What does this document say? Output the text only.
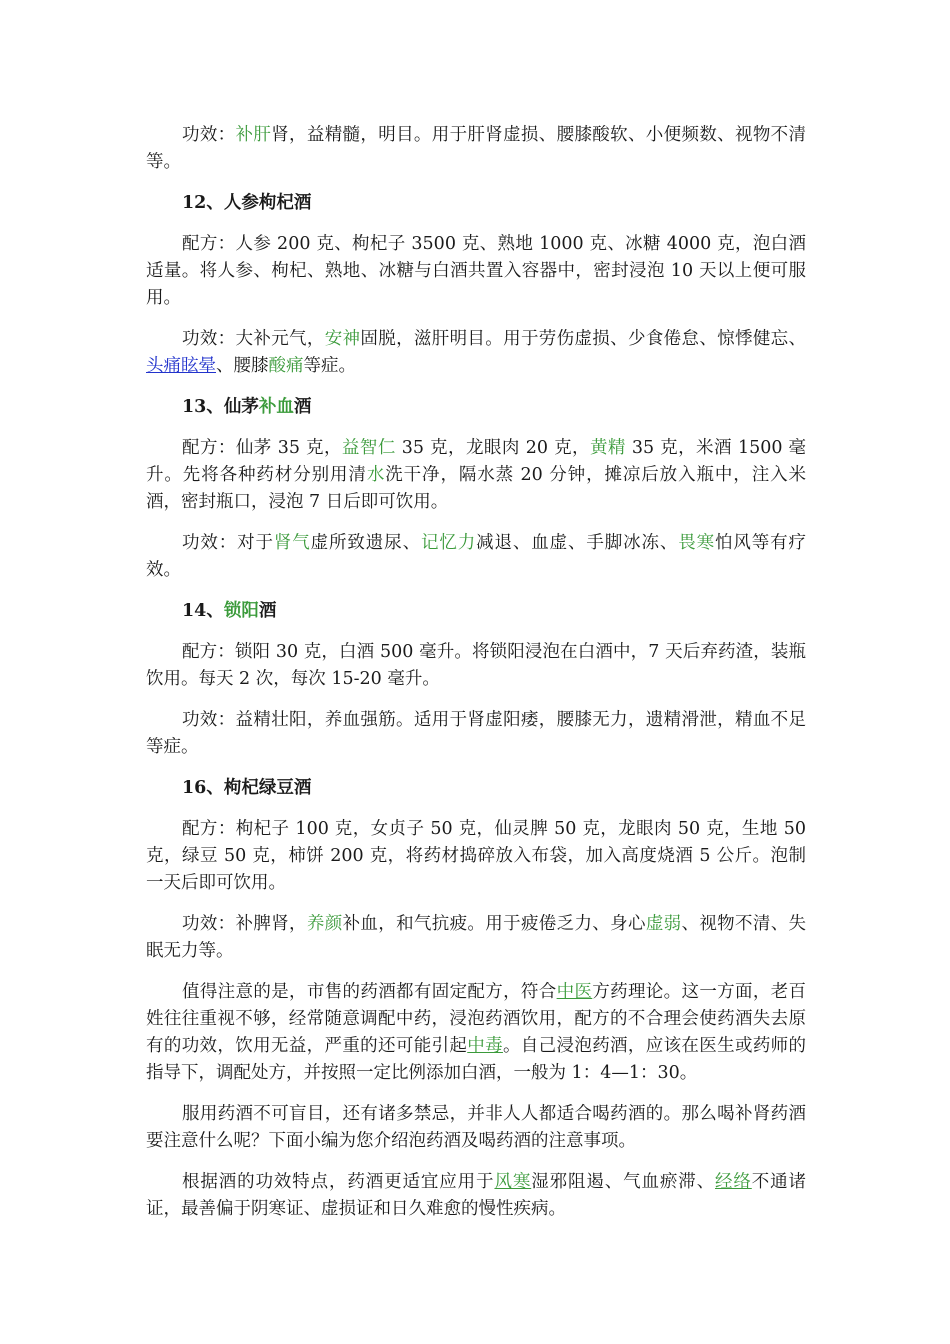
功效：补肝肾，益精髓，明目。用于肝肾虚损、腰膝酸软、小便频数、视物不清等。

12、人参枸杞酒

配方：人参 200 克、枸杞子 3500 克、熟地 1000 克、冰糖 4000 克，泡白酒适量。将人参、枸杞、熟地、冰糖与白酒共置入容器中，密封浸泡 10 天以上便可服用。

功效：大补元气，安神固脱，滋肝明目。用于劳伤虚损、少食倦怠、惊悸健忘、头痛眩晕、腰膝酸痛等症。

13、仙茅补血酒

配方：仙茅 35 克，益智仁 35 克，龙眼肉 20 克，黄精 35 克，米酒 1500 毫升。先将各种药材分别用清水洗干净，隔水蒸 20 分钟，摊凉后放入瓶中，注入米酒，密封瓶口，浸泡 7 日后即可饮用。

功效：对于肾气虚所致遗尿、记忆力减退、血虚、手脚冰冻、畏寒怕风等有疗效。

14、锁阳酒

配方：锁阳 30 克，白酒 500 毫升。将锁阳浸泡在白酒中，7 天后弃药渣，装瓶饮用。每天 2 次，每次 15-20 毫升。

功效：益精壮阳，养血强筋。适用于肾虚阳痿，腰膝无力，遗精滑泄，精血不足等症。

16、枸杞绿豆酒

配方：枸杞子 100 克，女贞子 50 克，仙灵脾 50 克，龙眼肉 50 克，生地 50 克，绿豆 50 克，柿饼 200 克，将药材捣碎放入布袋，加入高度烧酒 5 公斤。泡制一天后即可饮用。

功效：补脾肾，养颜补血，和气抗疲。用于疲倦乏力、身心虚弱、视物不清、失眠无力等。

值得注意的是，市售的药酒都有固定配方，符合中医方药理论。这一方面，老百姓往往重视不够，经常随意调配中药，浸泡药酒饮用，配方的不合理会使药酒失去原有的功效，饮用无益，严重的还可能引起中毒。自己浸泡药酒，应该在医生或药师的指导下，调配处方，并按照一定比例添加白酒，一般为 1：4—1：30。

服用药酒不可盲目，还有诸多禁忌，并非人人都适合喝药酒的。那么喝补肾药酒要注意什么呢？下面小编为您介绍泡药酒及喝药酒的注意事项。

根据酒的功效特点，药酒更适宜应用于风寒湿邪阻遏、气血瘀滞、经络不通诸证，最善偏于阴寒证、虚损证和日久难愈的慢性疾病。
